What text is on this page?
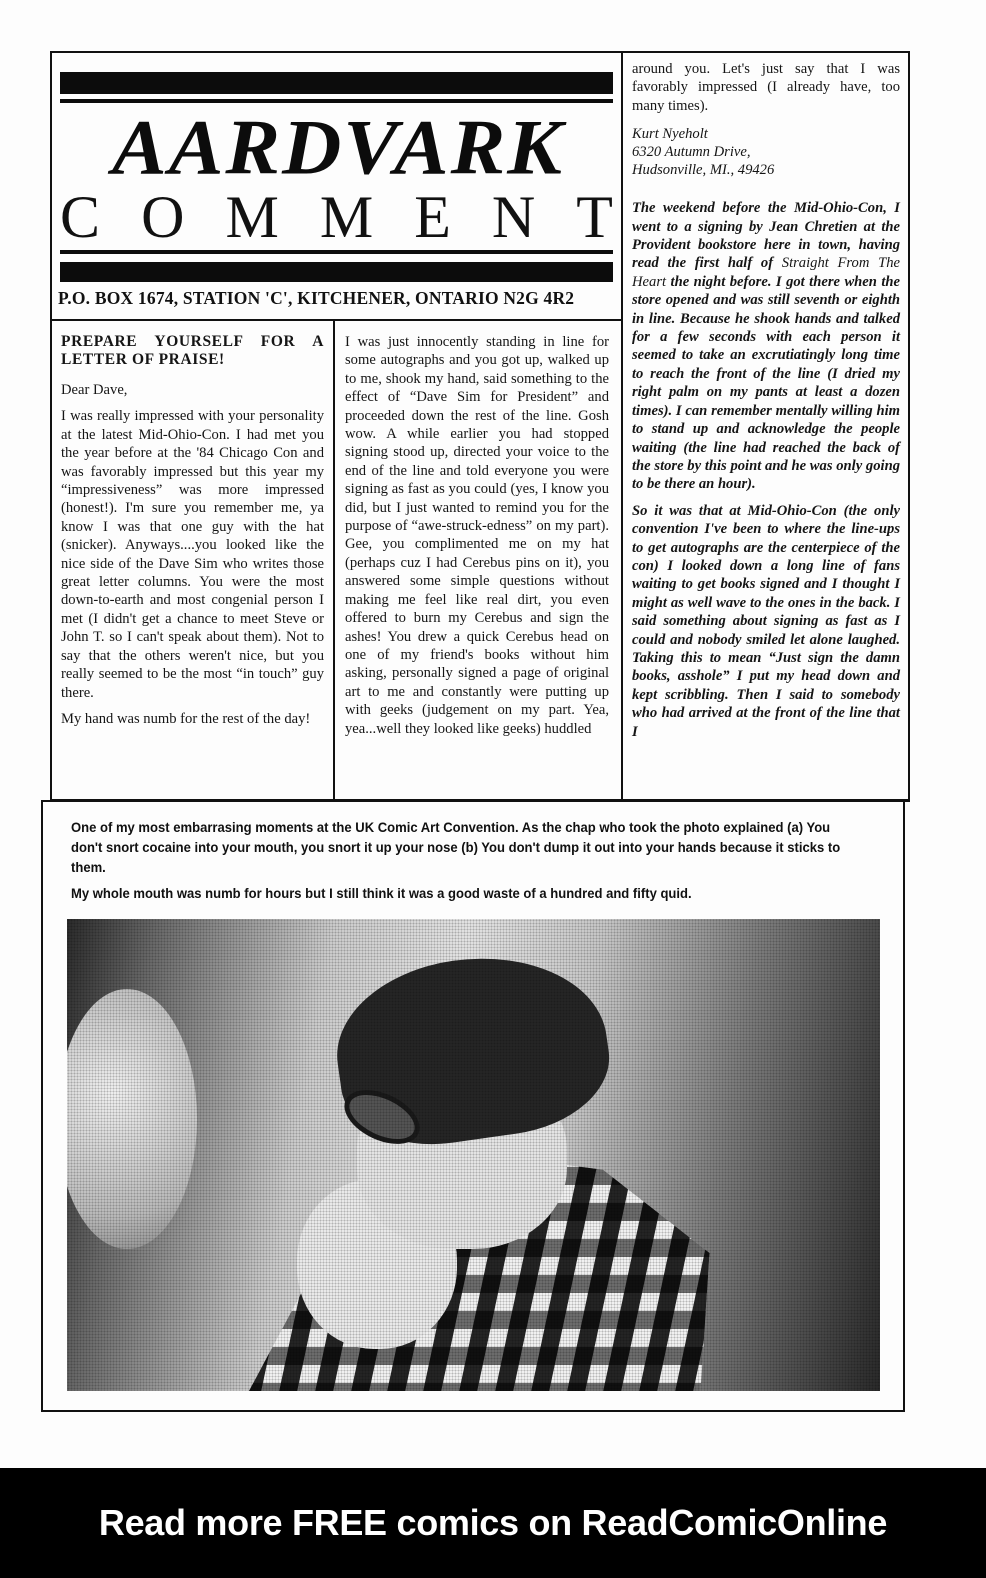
AARDVARK
C O M M E N T
P.O. BOX 1674, STATION 'C', KITCHENER, ONTARIO N2G 4R2
PREPARE YOURSELF FOR A LETTER OF PRAISE!

Dear Dave,

I was really impressed with your personality at the latest Mid-Ohio-Con. I had met you the year before at the '84 Chicago Con and was favorably impressed but this year my “impressiveness” was more impressed (honest!). I'm sure you remember me, ya know I was that one guy with the hat (snicker). Anyways....you looked like the nice side of the Dave Sim who writes those great letter columns. You were the most down-to-earth and most congenial person I met (I didn't get a chance to meet Steve or John T. so I can't speak about them). Not to say that the others weren't nice, but you really seemed to be the most “in touch” guy there.

My hand was numb for the rest of the day!

I was just innocently standing in line for some autographs and you got up, walked up to me, shook my hand, said something to the effect of “Dave Sim for President” and proceeded down the rest of the line. Gosh wow. A while earlier you had stopped signing stood up, directed your voice to the end of the line and told everyone you were signing as fast as you could (yes, I know you did, but I just wanted to remind you for the purpose of “awe-struck-edness” on my part). Gee, you complimented me on my hat (perhaps cuz I had Cerebus pins on it), you answered some simple questions without making me feel like real dirt, you even offered to burn my Cerebus and sign the ashes! You drew a quick Cerebus head on one of my friend's books without him asking, personally signed a page of original art to me and constantly were putting up with geeks (judgement on my part. Yea, yea...well they looked like geeks) huddled

around you. Let's just say that I was favorably impressed (I already have, too many times).

Kurt Nyeholt
6320 Autumn Drive,
Hudsonville, MI., 49426

The weekend before the Mid-Ohio-Con, I went to a signing by Jean Chretien at the Provident bookstore here in town, having read the first half of Straight From The Heart the night before. I got there when the store opened and was still seventh or eighth in line. Because he shook hands and talked for a few seconds with each person it seemed to take an excrutiatingly long time to reach the front of the line (I dried my right palm on my pants at least a dozen times). I can remember mentally willing him to stand up and acknowledge the people waiting (the line had reached the back of the store by this point and he was only going to be there an hour).

So it was that at Mid-Ohio-Con (the only convention I've been to where the line-ups to get autographs are the centerpiece of the con) I looked down a long line of fans waiting to get books signed and I thought I might as well wave to the ones in the back. I said something about signing as fast as I could and nobody smiled let alone laughed. Taking this to mean “Just sign the damn books, asshole” I put my head down and kept scribbling. Then I said to somebody who had arrived at the front of the line that I

One of my most embarrasing moments at the UK Comic Art Convention. As the chap who took the photo explained (a) You don't snort cocaine into your mouth, you snort it up your nose (b) You don't dump it out into your hands because it sticks to them.

My whole mouth was numb for hours but I still think it was a good waste of a hundred and fifty quid.

Read more FREE comics on ReadComicOnline
